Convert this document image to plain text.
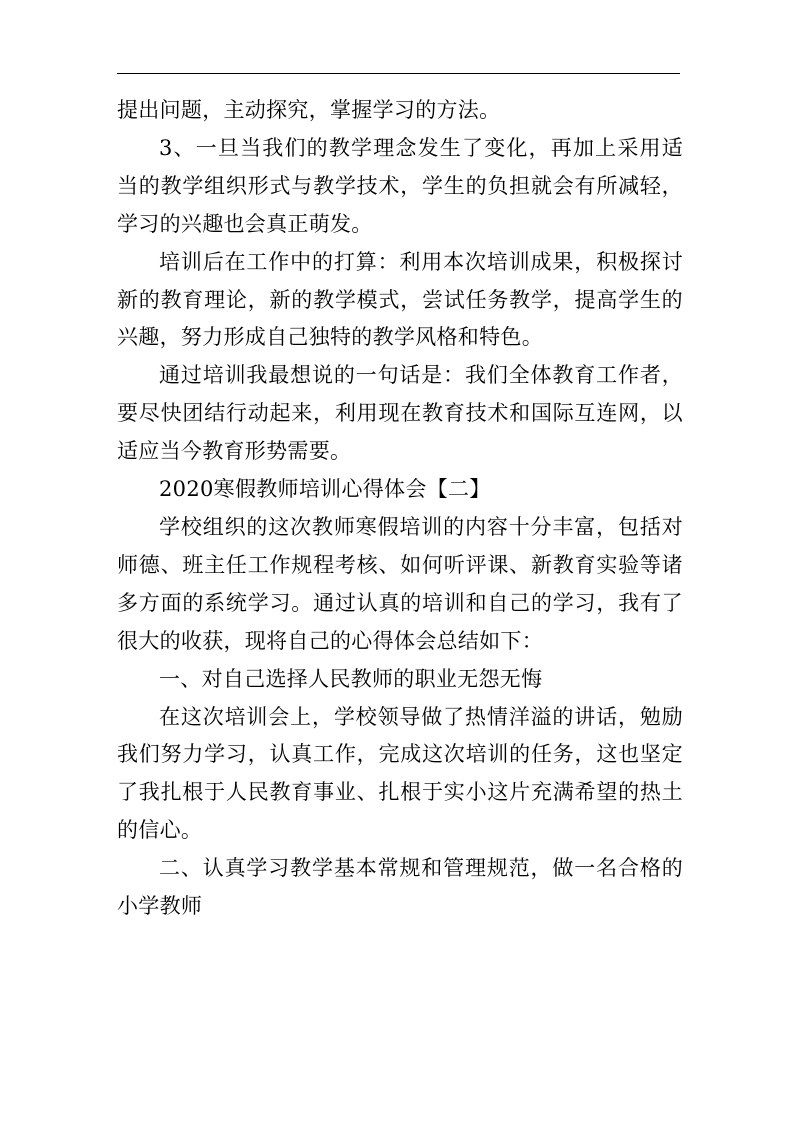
提出问题，主动探究，掌握学习的方法。

3、一旦当我们的教学理念发生了变化，再加上采用适当的教学组织形式与教学技术，学生的负担就会有所减轻，学习的兴趣也会真正萌发。

培训后在工作中的打算：利用本次培训成果，积极探讨新的教育理论，新的教学模式，尝试任务教学，提高学生的兴趣，努力形成自己独特的教学风格和特色。

通过培训我最想说的一句话是：我们全体教育工作者，要尽快团结行动起来，利用现在教育技术和国际互连网，以适应当今教育形势需要。

2020寒假教师培训心得体会【二】

学校组织的这次教师寒假培训的内容十分丰富，包括对师德、班主任工作规程考核、如何听评课、新教育实验等诸多方面的系统学习。通过认真的培训和自己的学习，我有了很大的收获，现将自己的心得体会总结如下：

一、对自己选择人民教师的职业无怨无悔

在这次培训会上，学校领导做了热情洋溢的讲话，勉励我们努力学习，认真工作，完成这次培训的任务，这也坚定了我扎根于人民教育事业、扎根于实小这片充满希望的热土的信心。

二、认真学习教学基本常规和管理规范，做一名合格的小学教师
